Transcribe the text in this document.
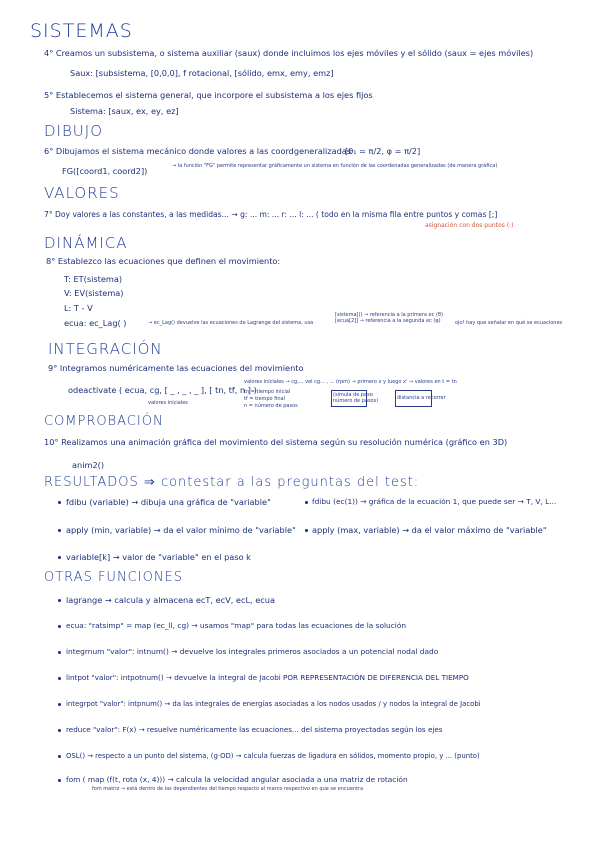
SISTEMAS
4° Creamos un subsistema, o sistema auxiliar (saux) donde incluimos los ejes móviles y el sólido (saux = ejes móviles)
Saux: [subsistema, [0,0,0], f rotacional, [sólido, emx, emy, emz]
5° Establecemos el sistema general, que incorpore el subsistema a los ejes fijos
Sistema: [saux, ex, ey, ez]
DIBUJO
6° Dibujamos el sistema mecánico donde valores a las coordgeneralizadas
[θ₁ = π/2, φ = π/2]
FG([coord1, coord2])	→ la función "FG" permite representar gráficamente un sistema en función de las coordenadas generalizadas (de manera gráfica)
VALORES
7° Doy valores a las constantes, a las medidas... → g: ... m: ... r: ... l: ... ( todo en la misma fila entre puntos y comas [;]
asignación con dos puntos (:)
DINÁMICA
8° Establezco las ecuaciones que definen el movimiento:
T: ET(sistema)
V: EV(sistema)
L: T - V
ecua: ec_Lag( )	→ ec_Lag() devuelve las ecuaciones de Lagrange del sistema, usa
[sistema]() → referencia a la primera ec (θ) [ecua[2]] → referencia a la segunda ec (φ)	ojo! hay que señalar en qué se ecuaciones
INTEGRACIÓN
9° Integramos numéricamente las ecuaciones del movimiento
odeactivate ( ecua, cg, [ _ , _ , _ ], [ tn, tf, n ] )
valores iniciales
valores iniciales → cg,... vel cg... , ... (rpm) → primero x y luego x' → valores en t = tn
tn = tiempo inicial
tf = tiempo final
n = número de pasos
(simula de paso
número de pasos)	distancia a recorrer
COMPROBACIÓN
10° Realizamos una animación gráfica del movimiento del sistema según su resolución numérica (gráfico en 3D)
anim2()
RESULTADOS ⇒ contestar a las preguntas del test:
fdibu (variable) → dibuja una gráfica de "variable"	fdibu (ec(1)) → gráfica de la ecuación 1, que puede ser → T, V, L...
apply (min, variable) → da el valor mínimo de "variable" apply (max, variable) → da el valor máximo de "variable"
variable[k] → valor de "variable" en el paso k
OTRAS FUNCIONES
lagrange → calcula y almacena ecT, ecV, ecL, ecua
ecua: "ratsimp" = map (ec_ll, cg) → usamos "map" para todas las ecuaciones de la solución
integrnum "valor": intnum() → devuelve los integrales primeros asociados a un potencial nodal dado
lintpot "valor": intpotnum() → devuelve la integral de Jacobi POR REPRESENTACIÓN DE DIFERENCIA DEL TIEMPO
integrpot "valor": intpnum() → da las integrales de energías asociadas a los nodos usados / y nodos la integral de Jacobi
reduce "valor": F(x) → resuelve numéricamente las ecuaciones... del sistema proyectadas según los ejes
OSL() → respecto a un punto del sistema, (g·OD) → calcula fuerzas de ligadura en sólidos, momento propio, y ... (punto)
fom ( map (f(t, rota (x, 4))) → calcula la velocidad angular asociada a una matriz de rotación
fom matriz → está dentro de las dependientes del tiempo respecto al marco respectivo en que se encuentra
